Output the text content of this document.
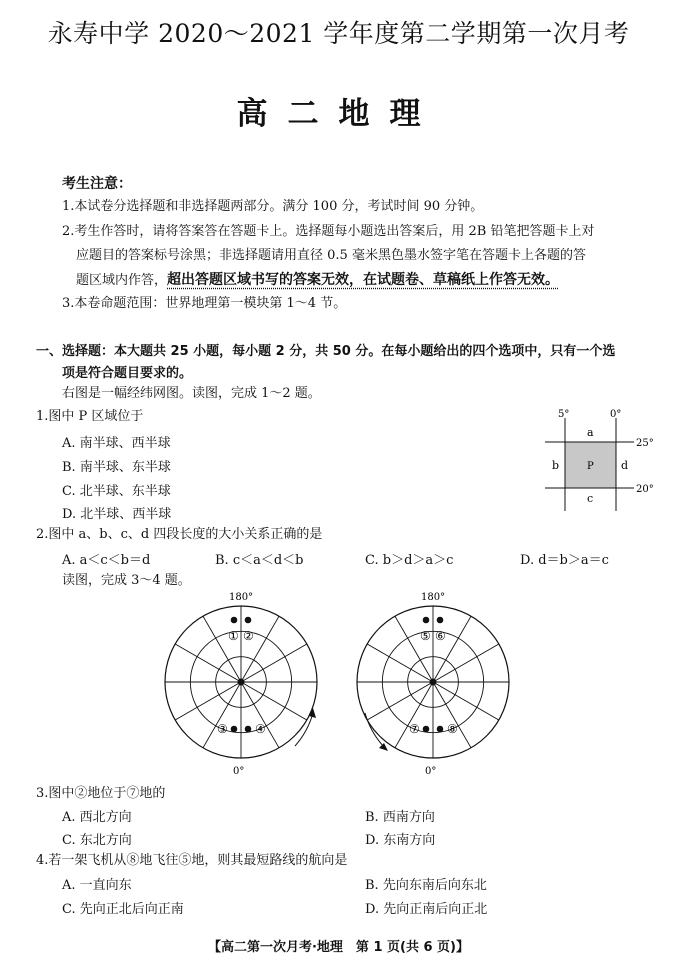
永寿中学 2020～2021 学年度第二学期第一次月考
高二地理
考生注意：
1.本试卷分选择题和非选择题两部分。满分 100 分，考试时间 90 分钟。
2.考生作答时，请将答案答在答题卡上。选择题每小题选出答案后，用 2B 铅笔把答题卡上对
应题目的答案标号涂黑；非选择题请用直径 0.5 毫米黑色墨水签字笔在答题卡上各题的答
题区域内作答，超出答题区域书写的答案无效，在试题卷、草稿纸上作答无效。
3.本卷命题范围：世界地理第一模块第 1～4 节。
一、选择题：本大题共 25 小题，每小题 2 分，共 50 分。在每小题给出的四个选项中，只有一个选
项是符合题目要求的。
右图是一幅经纬网图。读图，完成 1～2 题。
1.图中 P 区域位于
A. 南半球、西半球
B. 南半球、东半球
C. 北半球、东半球
D. 北半球、西半球
5°	0°
25°
20°
a
b	d
c
P
2.图中 a、b、c、d 四段长度的大小关系正确的是
A. a＜c＜b＝d	B. c＜a＜d＜b	C. b＞d＞a＞c	D. d＝b＞a＝c
读图，完成 3～4 题。
180°
0°
180°
0°
① ②
③ ④
⑤ ⑥
⑦ ⑧
3.图中②地位于⑦地的
A. 西北方向	B. 西南方向
C. 东北方向	D. 东南方向
4.若一架飞机从⑧地飞往⑤地，则其最短路线的航向是
A. 一直向东	B. 先向东南后向东北
C. 先向正北后向正南	D. 先向正南后向正北
【高二第一次月考·地理　第 1 页(共 6 页)】
